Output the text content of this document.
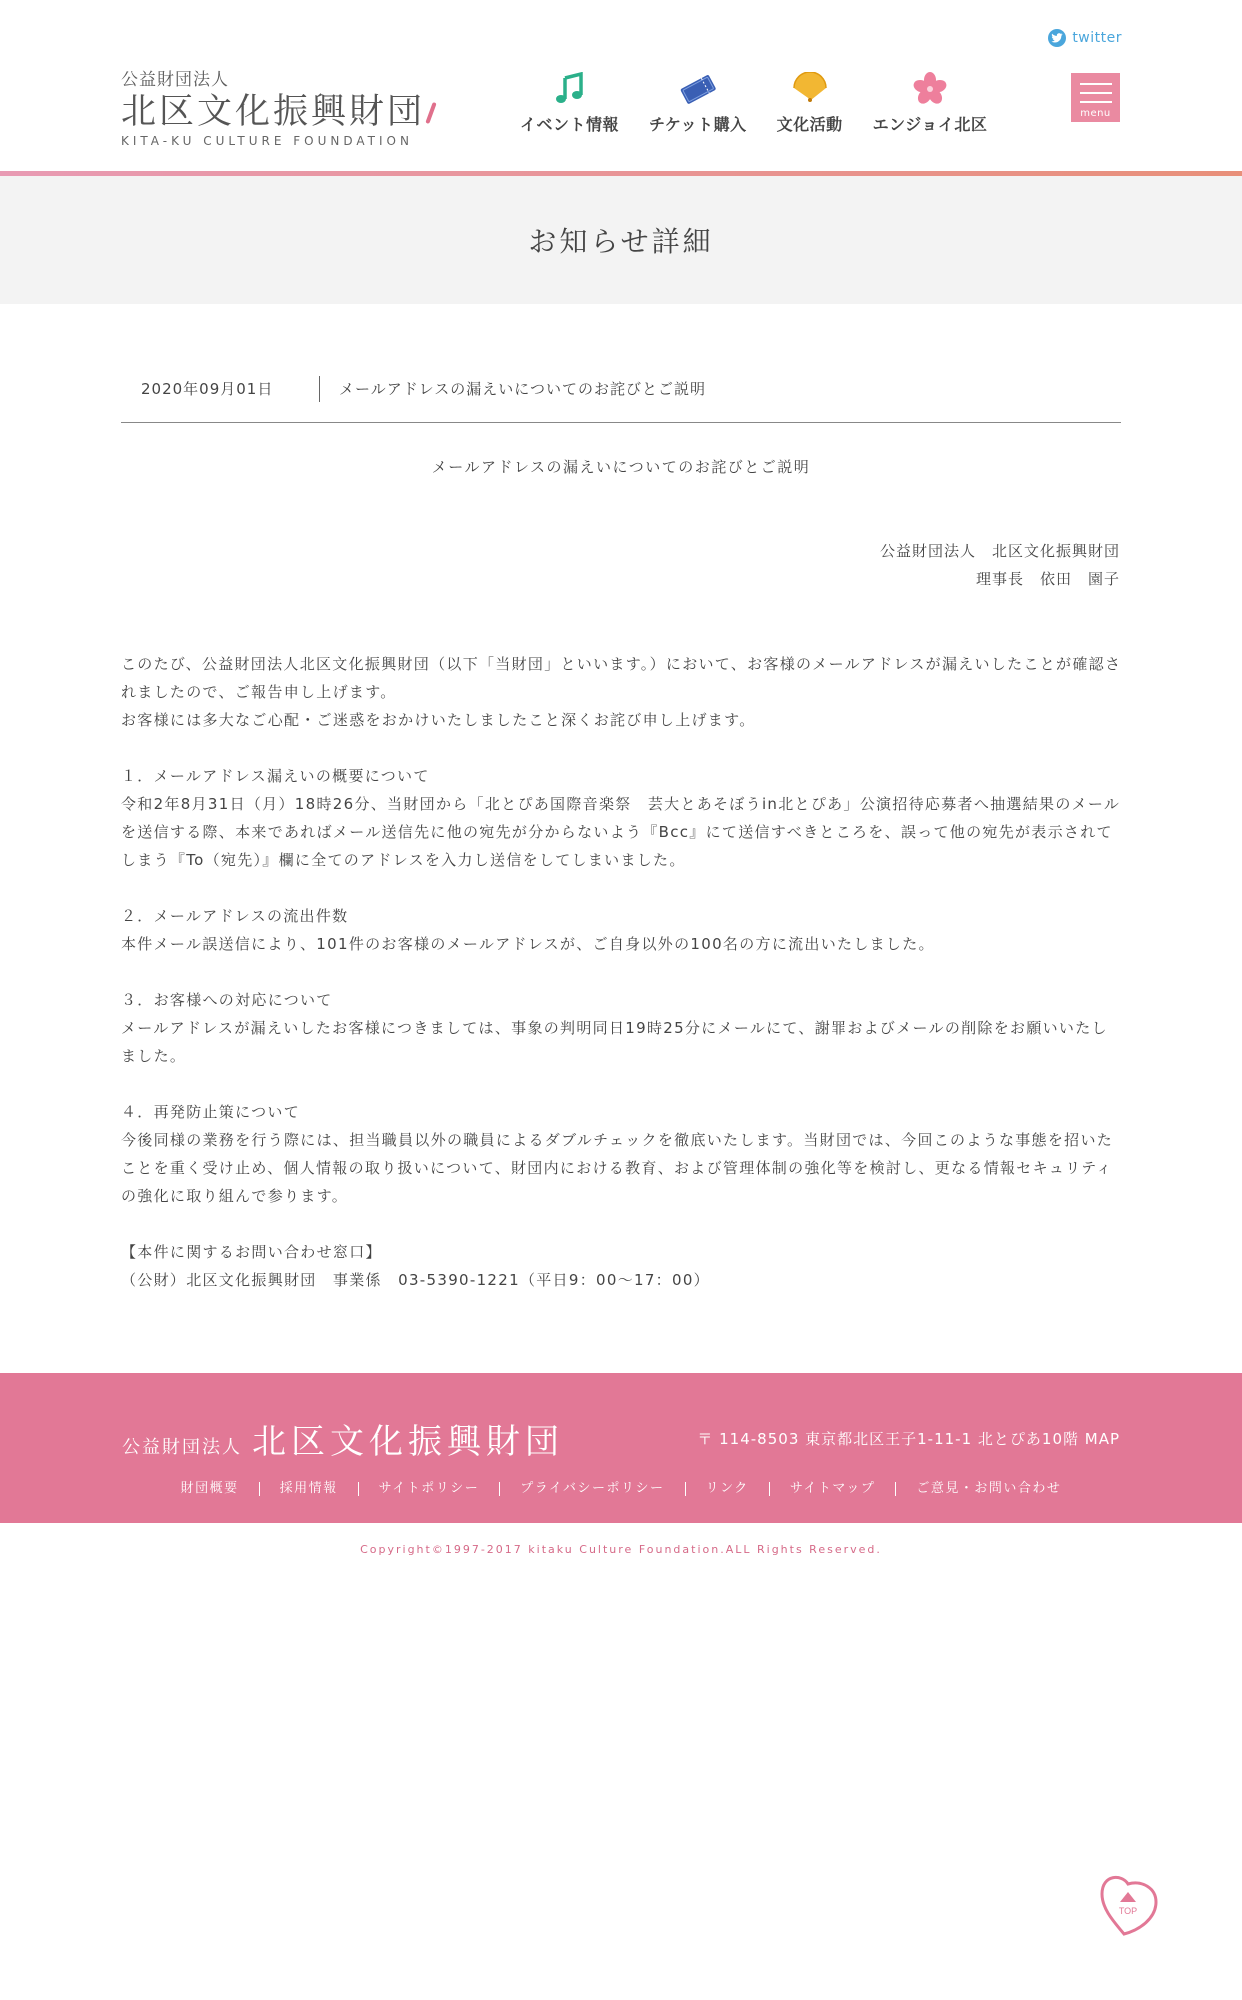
twitter
公益財団法人
北区文化振興財団
KITA-KU CULTURE FOUNDATION
イベント情報 チケット購入 文化活動 エンジョイ北区
menu
お知らせ詳細
2020年09月01日	メールアドレスの漏えいについてのお詫びとご説明
メールアドレスの漏えいについてのお詫びとご説明
公益財団法人　北区文化振興財団
理事長　依田　園子

このたび、公益財団法人北区文化振興財団（以下「当財団」といいます。）において、お客様のメールアドレスが漏えいしたことが確認されましたので、ご報告申し上げます。

お客様には多大なご心配・ご迷惑をおかけいたしましたこと深くお詫び申し上げます。

１．メールアドレス漏えいの概要について

令和2年8月31日（月）18時26分、当財団から「北とぴあ国際音楽祭　芸大とあそぼうin北とぴあ」公演招待応募者へ抽選結果のメールを送信する際、本来であればメール送信先に他の宛先が分からないよう『Bcc』にて送信すべきところを、誤って他の宛先が表示されてしまう『To（宛先）』欄に全てのアドレスを入力し送信をしてしまいました。

２．メールアドレスの流出件数

本件メール誤送信により、101件のお客様のメールアドレスが、ご自身以外の100名の方に流出いたしました。

３．お客様への対応について

メールアドレスが漏えいしたお客様につきましては、事象の判明同日19時25分にメールにて、謝罪およびメールの削除をお願いいたしました。

４．再発防止策について

今後同様の業務を行う際には、担当職員以外の職員によるダブルチェックを徹底いたします。当財団では、今回このような事態を招いたことを重く受け止め、個人情報の取り扱いについて、財団内における教育、および管理体制の強化等を検討し、更なる情報セキュリティの強化に取り組んで参ります。

【本件に関するお問い合わせ窓口】

（公財）北区文化振興財団　事業係　03-5390-1221（平日9：00～17：00）

公益財団法人 北区文化振興財団	〒 114-8503 東京都北区王子1-11-1 北とぴあ10階 MAP
財団概要	採用情報	サイトポリシー	プライバシーポリシー	リンク	サイトマップ	ご意見・お問い合わせ
Copyright©1997-2017 kitaku Culture Foundation.ALL Rights Reserved.
TOP
